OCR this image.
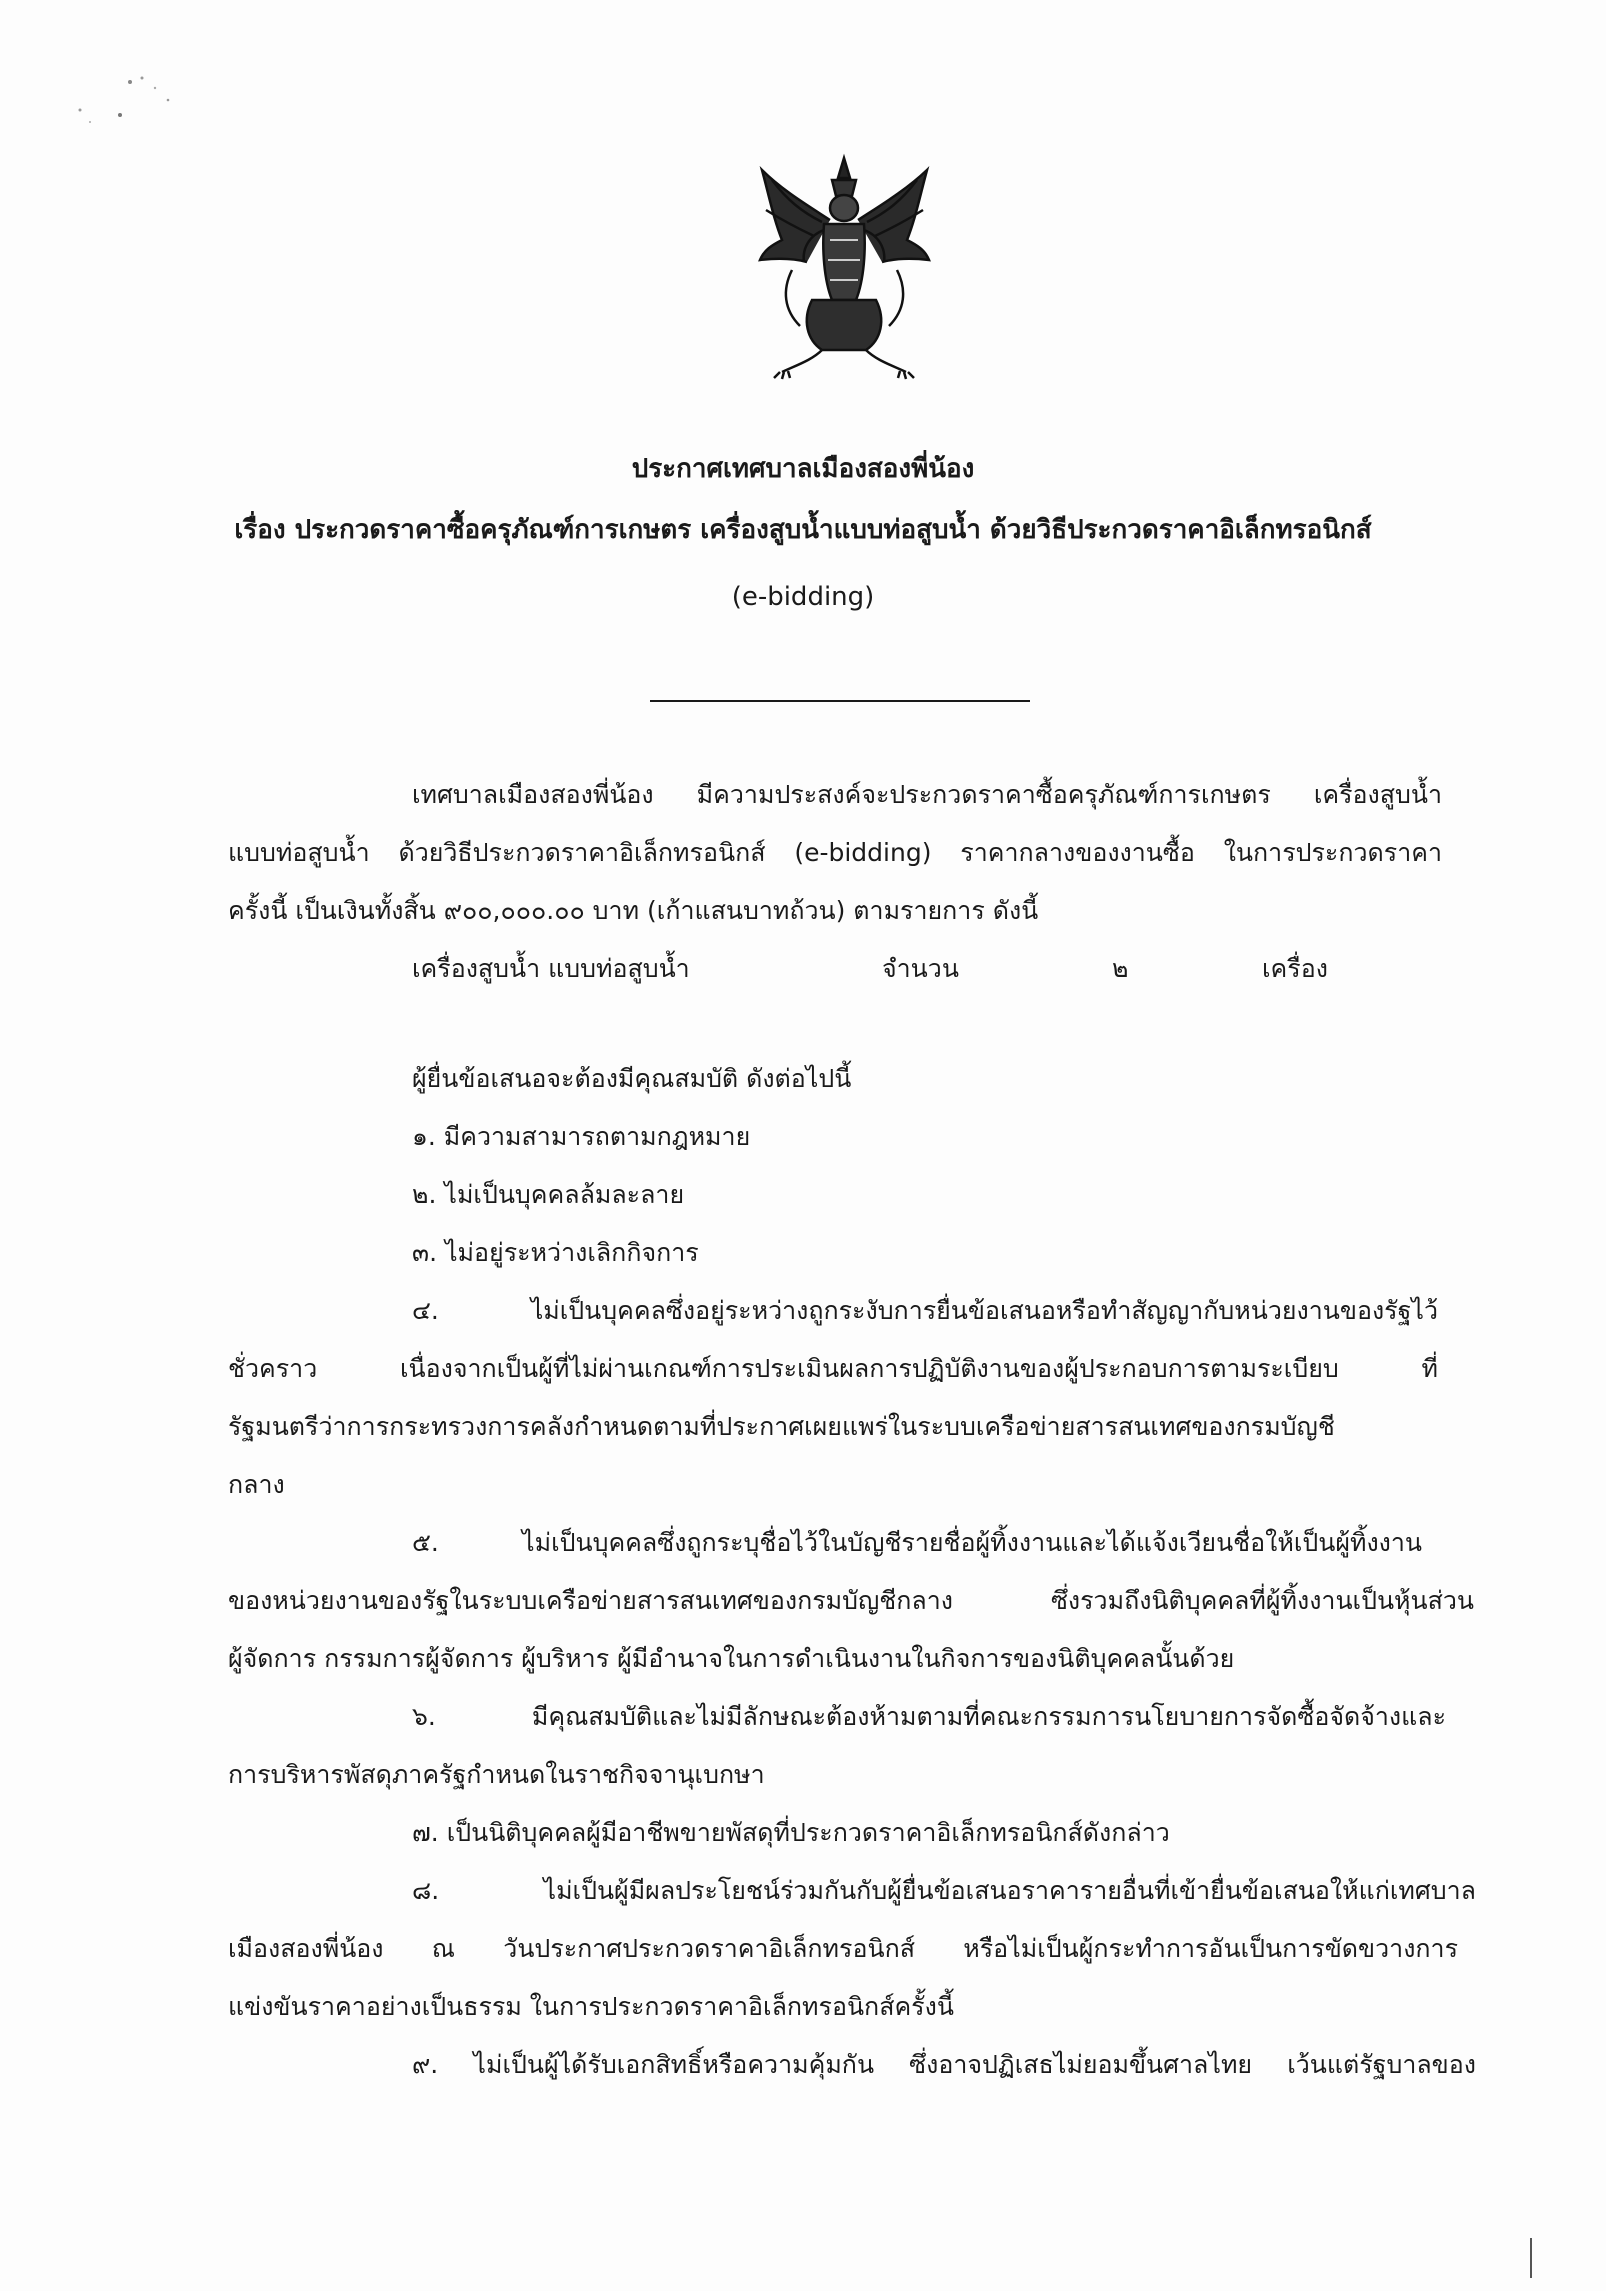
ประกาศเทศบาลเมืองสองพี่น้อง
เรื่อง ประกวดราคาซื้อครุภัณฑ์การเกษตร เครื่องสูบน้ำแบบท่อสูบน้ำ ด้วยวิธีประกวดราคาอิเล็กทรอนิกส์
(e-bidding)
เทศบาลเมืองสองพี่น้อง มีความประสงค์จะประกวดราคาซื้อครุภัณฑ์การเกษตร เครื่องสูบน้ำ
แบบท่อสูบน้ำ ด้วยวิธีประกวดราคาอิเล็กทรอนิกส์ (e-bidding) ราคากลางของงานซื้อ ในการประกวดราคา
ครั้งนี้ เป็นเงินทั้งสิ้น ๙๐๐,๐๐๐.๐๐ บาท (เก้าแสนบาทถ้วน) ตามรายการ ดังนี้
เครื่องสูบน้ำ แบบท่อสูบน้ำ	จำนวน	๒	เครื่อง
ผู้ยื่นข้อเสนอจะต้องมีคุณสมบัติ ดังต่อไปนี้
๑. มีความสามารถตามกฎหมาย
๒. ไม่เป็นบุคคลล้มละลาย
๓. ไม่อยู่ระหว่างเลิกกิจการ
๔. ไม่เป็นบุคคลซึ่งอยู่ระหว่างถูกระงับการยื่นข้อเสนอหรือทำสัญญากับหน่วยงานของรัฐไว้
ชั่วคราว เนื่องจากเป็นผู้ที่ไม่ผ่านเกณฑ์การประเมินผลการปฏิบัติงานของผู้ประกอบการตามระเบียบ ที่
รัฐมนตรีว่าการกระทรวงการคลังกำหนดตามที่ประกาศเผยแพร่ในระบบเครือข่ายสารสนเทศของกรมบัญชี
กลาง
๕. ไม่เป็นบุคคลซึ่งถูกระบุชื่อไว้ในบัญชีรายชื่อผู้ทิ้งงานและได้แจ้งเวียนชื่อให้เป็นผู้ทิ้งงาน
ของหน่วยงานของรัฐในระบบเครือข่ายสารสนเทศของกรมบัญชีกลาง ซึ่งรวมถึงนิติบุคคลที่ผู้ทิ้งงานเป็นหุ้นส่วน
ผู้จัดการ กรรมการผู้จัดการ ผู้บริหาร ผู้มีอำนาจในการดำเนินงานในกิจการของนิติบุคคลนั้นด้วย
๖. มีคุณสมบัติและไม่มีลักษณะต้องห้ามตามที่คณะกรรมการนโยบายการจัดซื้อจัดจ้างและ
การบริหารพัสดุภาครัฐกำหนดในราชกิจจานุเบกษา
๗. เป็นนิติบุคคลผู้มีอาชีพขายพัสดุที่ประกวดราคาอิเล็กทรอนิกส์ดังกล่าว
๘. ไม่เป็นผู้มีผลประโยชน์ร่วมกันกับผู้ยื่นข้อเสนอราคารายอื่นที่เข้ายื่นข้อเสนอให้แก่เทศบาล
เมืองสองพี่น้อง ณ วันประกาศประกวดราคาอิเล็กทรอนิกส์ หรือไม่เป็นผู้กระทำการอันเป็นการขัดขวางการ
แข่งขันราคาอย่างเป็นธรรม ในการประกวดราคาอิเล็กทรอนิกส์ครั้งนี้
๙. ไม่เป็นผู้ได้รับเอกสิทธิ์หรือความคุ้มกัน ซึ่งอาจปฏิเสธไม่ยอมขึ้นศาลไทย เว้นแต่รัฐบาลของ
